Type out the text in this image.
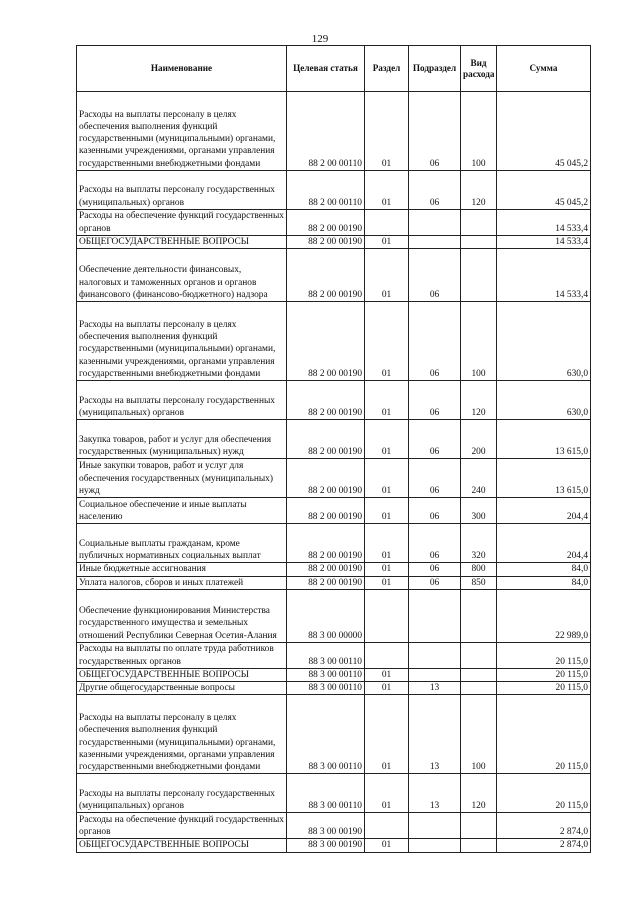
129
Наименование	Целевая статья	Раздел	Подраздел	Вид расхода	Сумма

Расходы на выплаты персоналу в целях обеспечения выполнения функций государственными (муниципальными) органами, казенными учреждениями, органами управления государственными внебюджетными фондами	88 2 00 00110	01	06	100	45 045,2

Расходы на выплаты персоналу государственных (муниципальных) органов	88 2 00 00110	01	06	120	45 045,2

Расходы на обеспечение функций государственных органов	88 2 00 00190				14 533,4

ОБЩЕГОСУДАРСТВЕННЫЕ ВОПРОСЫ	88 2 00 00190	01			14 533,4

Обеспечение деятельности финансовых, налоговых и таможенных органов и органов финансового (финансово-бюджетного) надзора	88 2 00 00190	01	06		14 533,4

Расходы на выплаты персоналу в целях обеспечения выполнения функций государственными (муниципальными) органами, казенными учреждениями, органами управления государственными внебюджетными фондами	88 2 00 00190	01	06	100	630,0

Расходы на выплаты персоналу государственных (муниципальных) органов	88 2 00 00190	01	06	120	630,0

Закупка товаров, работ и услуг для обеспечения государственных (муниципальных) нужд	88 2 00 00190	01	06	200	13 615,0

Иные закупки товаров, работ и услуг для обеспечения государственных (муниципальных) нужд	88 2 00 00190	01	06	240	13 615,0

Социальное обеспечение и иные выплаты населению	88 2 00 00190	01	06	300	204,4

Социальные выплаты гражданам, кроме публичных нормативных социальных выплат	88 2 00 00190	01	06	320	204,4

Иные бюджетные ассигнования	88 2 00 00190	01	06	800	84,0

Уплата налогов, сборов и иных платежей	88 2 00 00190	01	06	850	84,0

Обеспечение функционирования Министерства государственного имущества и земельных отношений Республики Северная Осетия-Алания	88 3 00 00000				22 989,0

Расходы на выплаты по оплате труда работников государственных органов	88 3 00 00110				20 115,0

ОБЩЕГОСУДАРСТВЕННЫЕ ВОПРОСЫ	88 3 00 00110	01			20 115,0

Другие общегосударственные вопросы	88 3 00 00110	01	13		20 115,0

Расходы на выплаты персоналу в целях обеспечения выполнения функций государственными (муниципальными) органами, казенными учреждениями, органами управления государственными внебюджетными фондами	88 3 00 00110	01	13	100	20 115,0

Расходы на выплаты персоналу государственных (муниципальных) органов	88 3 00 00110	01	13	120	20 115,0

Расходы на обеспечение функций государственных органов	88 3 00 00190				2 874,0

ОБЩЕГОСУДАРСТВЕННЫЕ ВОПРОСЫ	88 3 00 00190	01			2 874,0
